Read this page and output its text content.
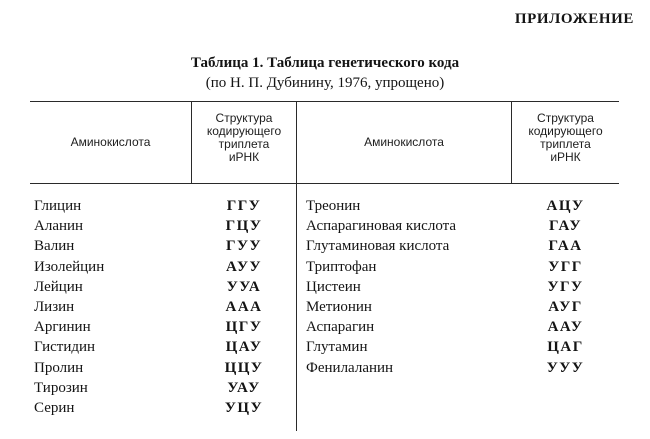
ПРИЛОЖЕНИЕ
Таблица 1. Таблица генетического кода

(по Н. П. Дубинину, 1976, упрощено)

Аминокислота
Структура
кодирующего
триплета
иРНК
Аминокислота
Структура
кодирующего
триплета
иРНК
Глицин
Аланин
Валин
Изолейцин
Лейцин
Лизин
Аргинин
Гистидин
Пролин
Тирозин
Серин
ГГУ
ГЦУ
ГУУ
АУУ
УУА
ААА
ЦГУ
ЦАУ
ЦЦУ
УАУ
УЦУ
Треонин
Аспарагиновая кислота
Глутаминовая кислота
Триптофан
Цистеин
Метионин
Аспарагин
Глутамин
Фенилаланин
АЦУ
ГАУ
ГАА
УГГ
УГУ
АУГ
ААУ
ЦАГ
УУУ
